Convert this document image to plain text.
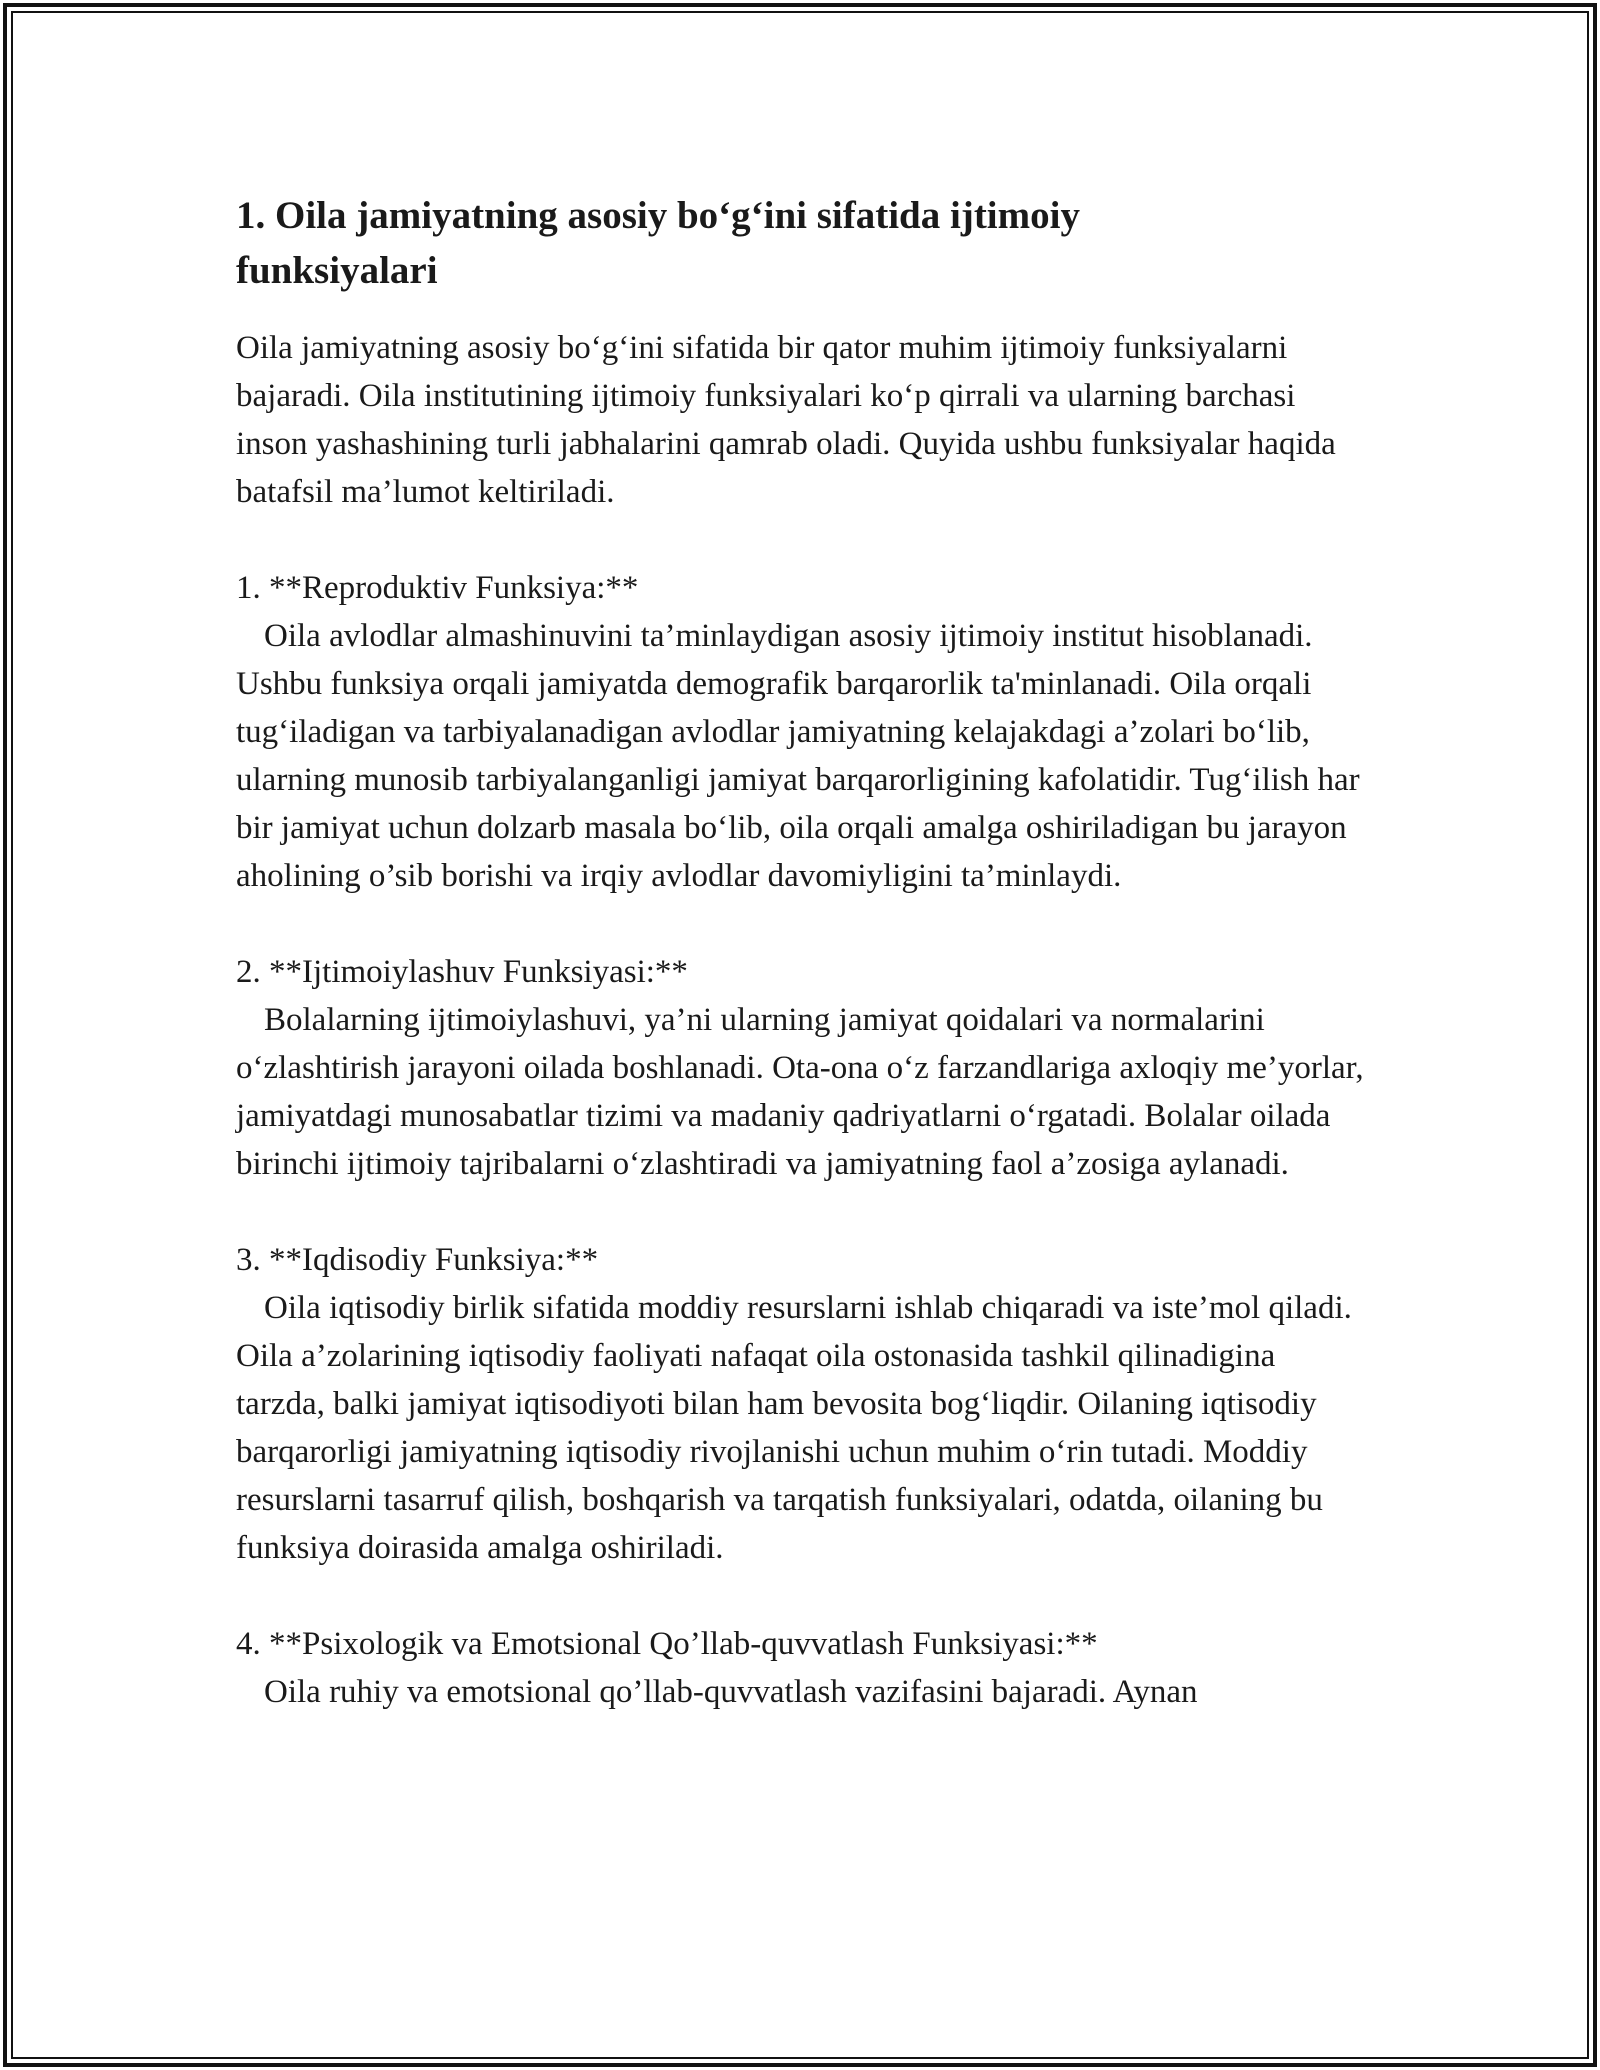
1. Oila jamiyatning asosiy bo‘g‘ini sifatida ijtimoiy funksiyalari

Oila jamiyatning asosiy bo‘g‘ini sifatida bir qator muhim ijtimoiy funksiyalarni bajaradi. Oila institutining ijtimoiy funksiyalari ko‘p qirrali va ularning barchasi inson yashashining turli jabhalarini qamrab oladi. Quyida ushbu funksiyalar haqida batafsil ma’lumot keltiriladi.

1. **Reproduktiv Funksiya:**

Oila avlodlar almashinuvini ta’minlaydigan asosiy ijtimoiy institut hisoblanadi. Ushbu funksiya orqali jamiyatda demografik barqarorlik ta'minlanadi. Oila orqali tug‘iladigan va tarbiyalanadigan avlodlar jamiyatning kelajakdagi a’zolari bo‘lib, ularning munosib tarbiyalanganligi jamiyat barqarorligining kafolatidir. Tug‘ilish har bir jamiyat uchun dolzarb masala bo‘lib, oila orqali amalga oshiriladigan bu jarayon aholining o’sib borishi va irqiy avlodlar davomiyligini ta’minlaydi.

2. **Ijtimoiylashuv Funksiyasi:**

Bolalarning ijtimoiylashuvi, ya’ni ularning jamiyat qoidalari va normalarini o‘zlashtirish jarayoni oilada boshlanadi. Ota-ona o‘z farzandlariga axloqiy me’yorlar, jamiyatdagi munosabatlar tizimi va madaniy qadriyatlarni o‘rgatadi. Bolalar oilada birinchi ijtimoiy tajribalarni o‘zlashtiradi va jamiyatning faol a’zosiga aylanadi.

3. **Iqdisodiy Funksiya:**

Oila iqtisodiy birlik sifatida moddiy resurslarni ishlab chiqaradi va iste’mol qiladi. Oila a’zolarining iqtisodiy faoliyati nafaqat oila ostonasida tashkil qilinadigina tarzda, balki jamiyat iqtisodiyoti bilan ham bevosita bog‘liqdir. Oilaning iqtisodiy barqarorligi jamiyatning iqtisodiy rivojlanishi uchun muhim o‘rin tutadi. Moddiy resurslarni tasarruf qilish, boshqarish va tarqatish funksiyalari, odatda, oilaning bu funksiya doirasida amalga oshiriladi.

4. **Psixologik va Emotsional Qo’llab-quvvatlash Funksiyasi:**

Oila ruhiy va emotsional qo’llab-quvvatlash vazifasini bajaradi. Aynan
